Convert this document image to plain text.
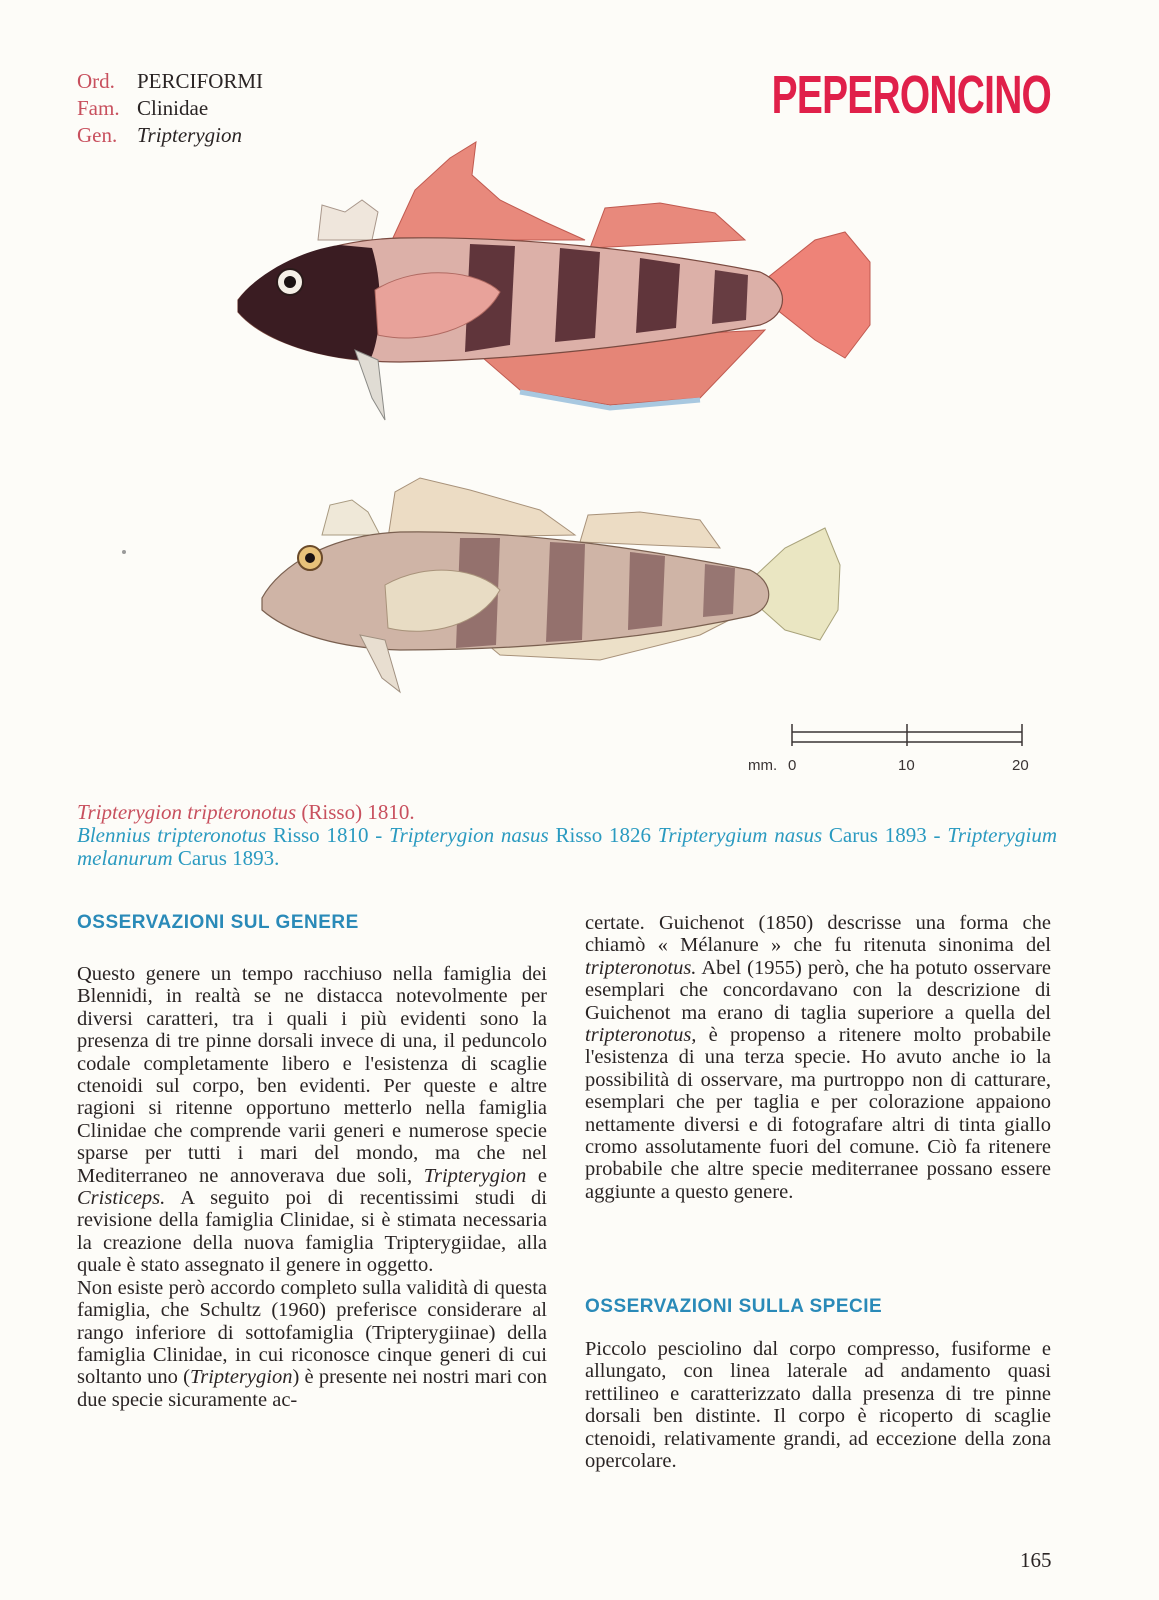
Ord.	PERCIFORMI
Fam. Clinidae
Gen. Tripterygion
PEPERONCINO
mm. 0	10	20
Tripterygion tripteronotus (Risso) 1810.
Blennius tripteronotus Risso 1810 - Tripterygion nasus Risso 1826 Tripterygium nasus Carus 1893 - Tripterygium melanurum Carus 1893.
OSSERVAZIONI SUL GENERE

Questo genere un tempo racchiuso nella famiglia dei Blennidi, in realtà se ne distacca notevolmente per diversi caratteri, tra i quali i più evidenti sono la presenza di tre pinne dorsali invece di una, il peduncolo codale completamente libero e l'esistenza di scaglie ctenoidi sul corpo, ben evidenti. Per queste e altre ragioni si ritenne opportuno metterlo nella famiglia Clinidae che comprende varii generi e numerose specie sparse per tutti i mari del mondo, ma che nel Mediterraneo ne annoverava due soli, Tripterygion e Cristiceps. A seguito poi di recentissimi studi di revisione della famiglia Clinidae, si è stimata necessaria la creazione della nuova famiglia Tripterygiidae, alla quale è stato assegnato il genere in oggetto.

Non esiste però accordo completo sulla validità di questa famiglia, che Schultz (1960) preferisce considerare al rango inferiore di sottofamiglia (Tripterygiinae) della famiglia Clinidae, in cui riconosce cinque generi di cui soltanto uno (Tripterygion) è presente nei nostri mari con due specie sicuramente ac-

certate. Guichenot (1850) descrisse una forma che chiamò « Mélanure » che fu ritenuta sinonima del tripteronotus. Abel (1955) però, che ha potuto osservare esemplari che concordavano con la descrizione di Guichenot ma erano di taglia superiore a quella del tripteronotus, è propenso a ritenere molto probabile l'esistenza di una terza specie. Ho avuto anche io la possibilità di osservare, ma purtroppo non di catturare, esemplari che per taglia e per colorazione appaiono nettamente diversi e di fotografare altri di tinta giallo cromo assolutamente fuori del comune. Ciò fa ritenere probabile che altre specie mediterranee possano essere aggiunte a questo genere.

OSSERVAZIONI SULLA SPECIE

Piccolo pesciolino dal corpo compresso, fusiforme e allungato, con linea laterale ad andamento quasi rettilineo e caratterizzato dalla presenza di tre pinne dorsali ben distinte. Il corpo è ricoperto di scaglie ctenoidi, relativamente grandi, ad eccezione della zona opercolare.

165
